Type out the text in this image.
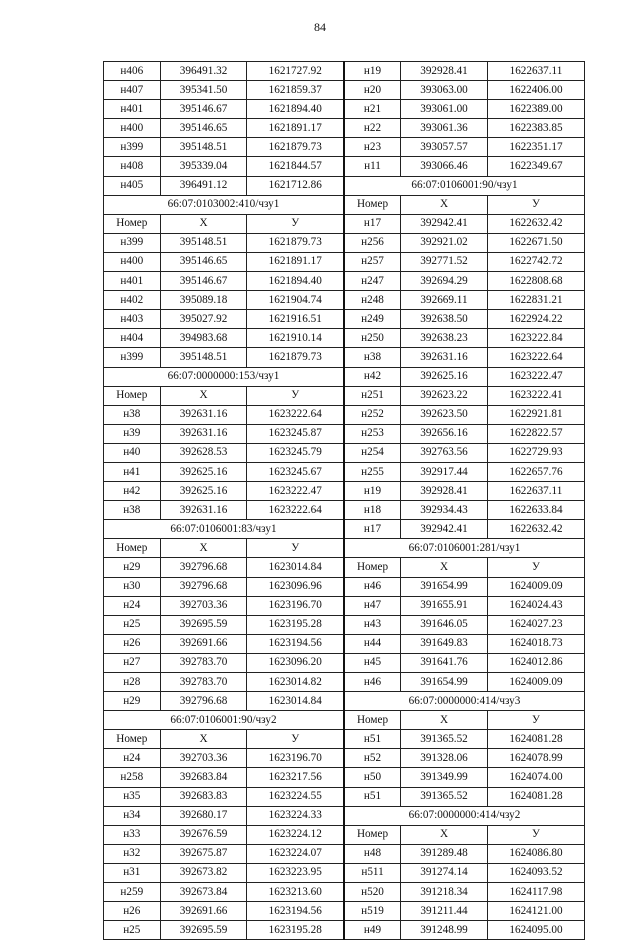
84
н406	396491.32	1621727.92	н19	392928.41	1622637.11
н407	395341.50	1621859.37	н20	393063.00	1622406.00
н401	395146.67	1621894.40	н21	393061.00	1622389.00
н400	395146.65	1621891.17	н22	393061.36	1622383.85
н399	395148.51	1621879.73	н23	393057.57	1622351.17
н408	395339.04	1621844.57	н11	393066.46	1622349.67
н405	396491.12	1621712.86	66:07:0106001:90/чзу1		
66:07:0103002:410/чзу1			Номер	X	У
Номер	X	У	н17	392942.41	1622632.42
н399	395148.51	1621879.73	н256	392921.02	1622671.50
н400	395146.65	1621891.17	н257	392771.52	1622742.72
н401	395146.67	1621894.40	н247	392694.29	1622808.68
н402	395089.18	1621904.74	н248	392669.11	1622831.21
н403	395027.92	1621916.51	н249	392638.50	1622924.22
н404	394983.68	1621910.14	н250	392638.23	1623222.84
н399	395148.51	1621879.73	н38	392631.16	1623222.64
66:07:0000000:153/чзу1			н42	392625.16	1623222.47
Номер	X	У	н251	392623.22	1623222.41
н38	392631.16	1623222.64	н252	392623.50	1622921.81
н39	392631.16	1623245.87	н253	392656.16	1622822.57
н40	392628.53	1623245.79	н254	392763.56	1622729.93
н41	392625.16	1623245.67	н255	392917.44	1622657.76
н42	392625.16	1623222.47	н19	392928.41	1622637.11
н38	392631.16	1623222.64	н18	392934.43	1622633.84
66:07:0106001:83/чзу1			н17	392942.41	1622632.42
Номер	X	У	66:07:0106001:281/чзу1		
н29	392796.68	1623014.84	Номер	X	У
н30	392796.68	1623096.96	н46	391654.99	1624009.09
н24	392703.36	1623196.70	н47	391655.91	1624024.43
н25	392695.59	1623195.28	н43	391646.05	1624027.23
н26	392691.66	1623194.56	н44	391649.83	1624018.73
н27	392783.70	1623096.20	н45	391641.76	1624012.86
н28	392783.70	1623014.82	н46	391654.99	1624009.09
н29	392796.68	1623014.84	66:07:0000000:414/чзу3		
66:07:0106001:90/чзу2			Номер	X	У
Номер	X	У	н51	391365.52	1624081.28
н24	392703.36	1623196.70	н52	391328.06	1624078.99
н258	392683.84	1623217.56	н50	391349.99	1624074.00
н35	392683.83	1623224.55	н51	391365.52	1624081.28
н34	392680.17	1623224.33	66:07:0000000:414/чзу2		
н33	392676.59	1623224.12	Номер	X	У
н32	392675.87	1623224.07	н48	391289.48	1624086.80
н31	392673.82	1623223.95	н511	391274.14	1624093.52
н259	392673.84	1623213.60	н520	391218.34	1624117.98
н26	392691.66	1623194.56	н519	391211.44	1624121.00
н25	392695.59	1623195.28	н49	391248.99	1624095.00
